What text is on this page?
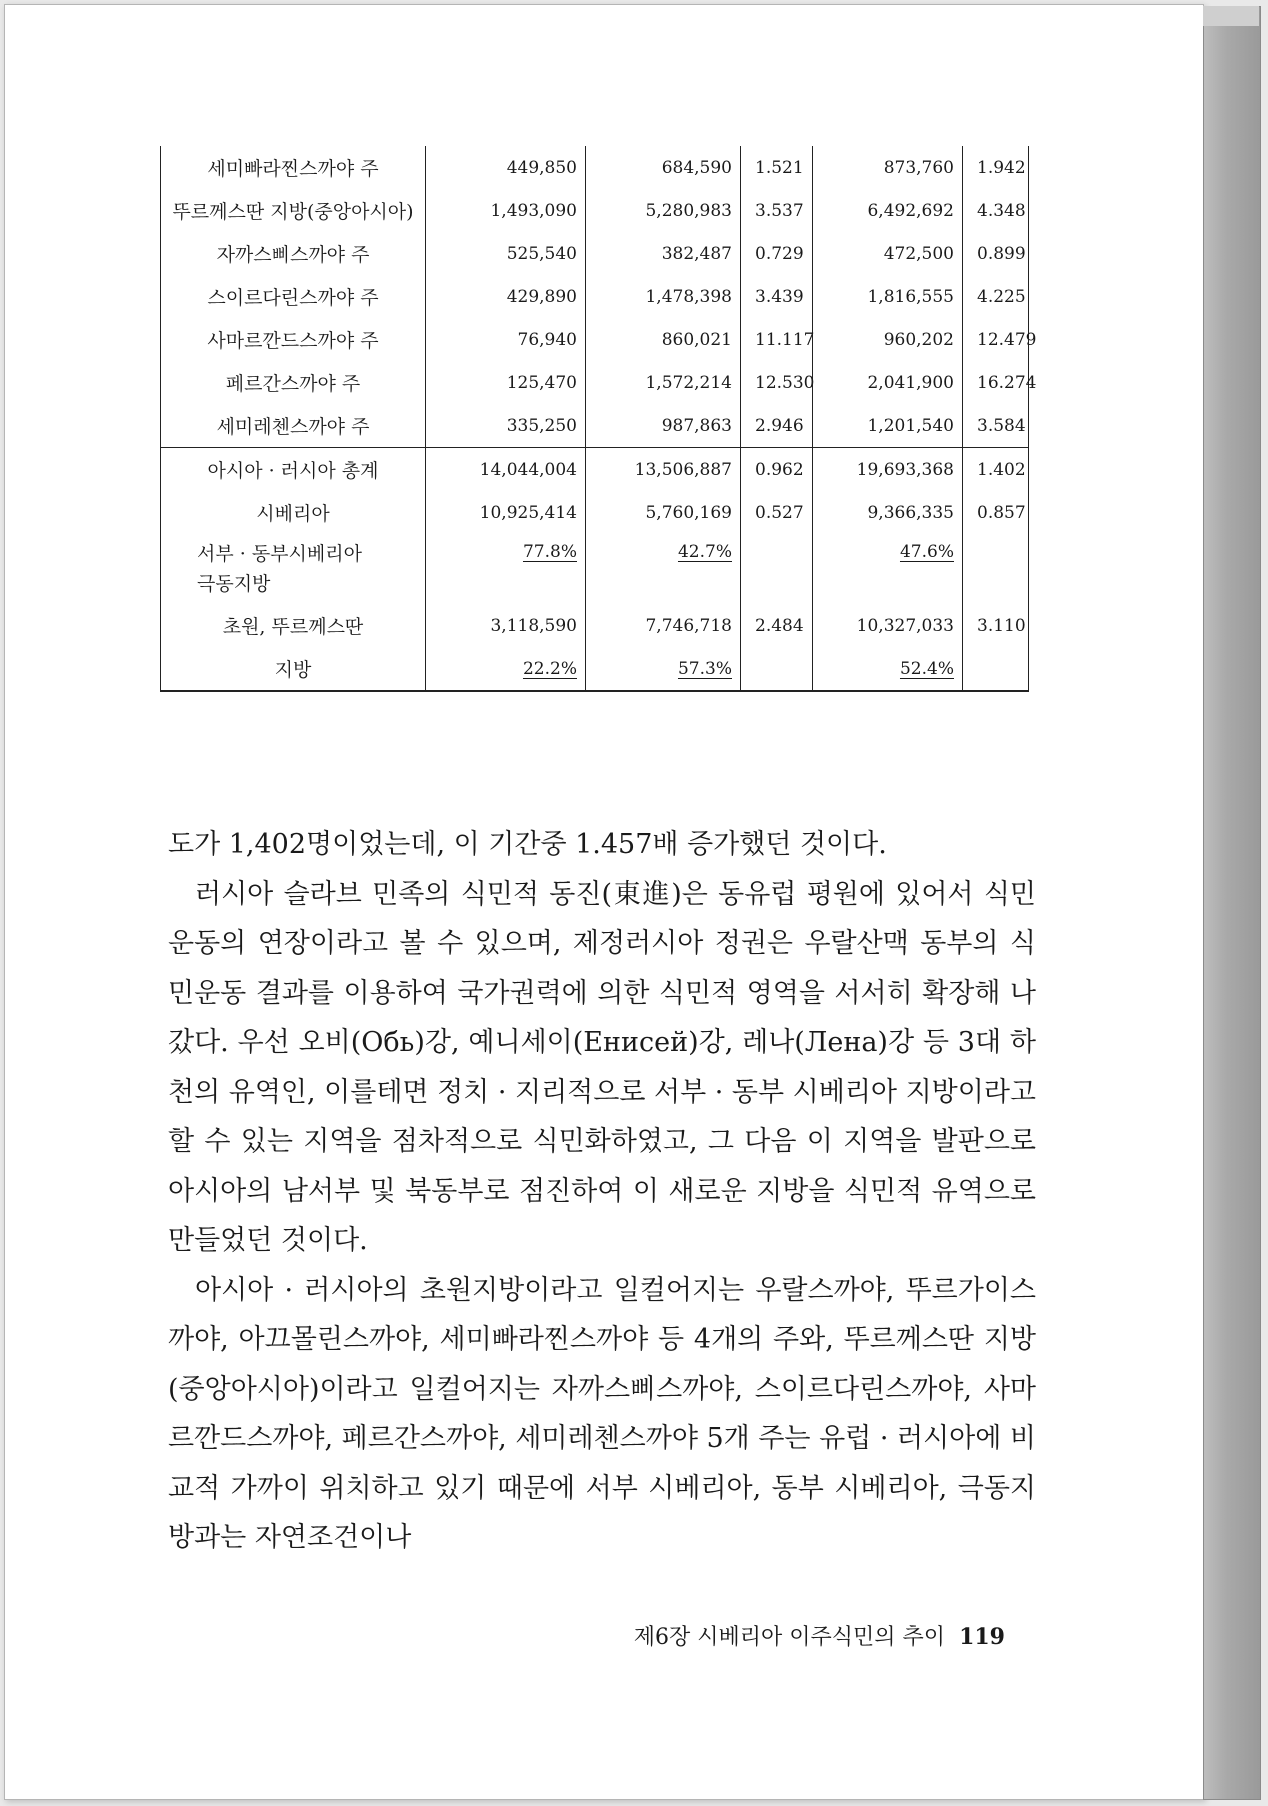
세미빠라찐스까야 주	449,850	684,590	1.521	873,760	1.942
뚜르께스딴 지방(중앙아시아)	1,493,090	5,280,983	3.537	6,492,692	4.348
자까스삐스까야 주	525,540	382,487	0.729	472,500	0.899
스이르다린스까야 주	429,890	1,478,398	3.439	1,816,555	4.225
사마르깐드스까야 주	76,940	860,021	11.117	960,202	12.479
페르간스까야 주	125,470	1,572,214	12.530	2,041,900	16.274
세미레첸스까야 주	335,250	987,863	2.946	1,201,540	3.584
아시아 · 러시아 총계	14,044,004	13,506,887	0.962	19,693,368	1.402
시베리아	10,925,414	5,760,169	0.527	9,366,335	0.857

서부 · 동부시베리아
극동지방	77.8%	42.7%		47.6%	
초원, 뚜르께스딴	3,118,590	7,746,718	2.484	10,327,033	3.110
지방	22.2%	57.3%		52.4%	

도가 1,402명이었는데, 이 기간중 1.457배 증가했던 것이다.

러시아 슬라브 민족의 식민적 동진(東進)은 동유럽 평원에 있어서 식민운동의 연장이라고 볼 수 있으며, 제정러시아 정권은 우랄산맥 동부의 식민운동 결과를 이용하여 국가권력에 의한 식민적 영역을 서서히 확장해 나갔다. 우선 오비(Обь)강, 예니세이(Енисей)강, 레나(Лена)강 등 3대 하천의 유역인, 이를테면 정치 · 지리적으로 서부 · 동부 시베리아 지방이라고 할 수 있는 지역을 점차적으로 식민화하였고, 그 다음 이 지역을 발판으로 아시아의 남서부 및 북동부로 점진하여 이 새로운 지방을 식민적 유역으로 만들었던 것이다.

아시아 · 러시아의 초원지방이라고 일컬어지는 우랄스까야, 뚜르가이스까야, 아끄몰린스까야, 세미빠라찐스까야 등 4개의 주와, 뚜르께스딴 지방(중앙아시아)이라고 일컬어지는 자까스삐스까야, 스이르다린스까야, 사마르깐드스까야, 페르간스까야, 세미레첸스까야 5개 주는 유럽 · 러시아에 비교적 가까이 위치하고 있기 때문에 서부 시베리아, 동부 시베리아, 극동지방과는 자연조건이나

제6장 시베리아 이주식민의 추이 119
